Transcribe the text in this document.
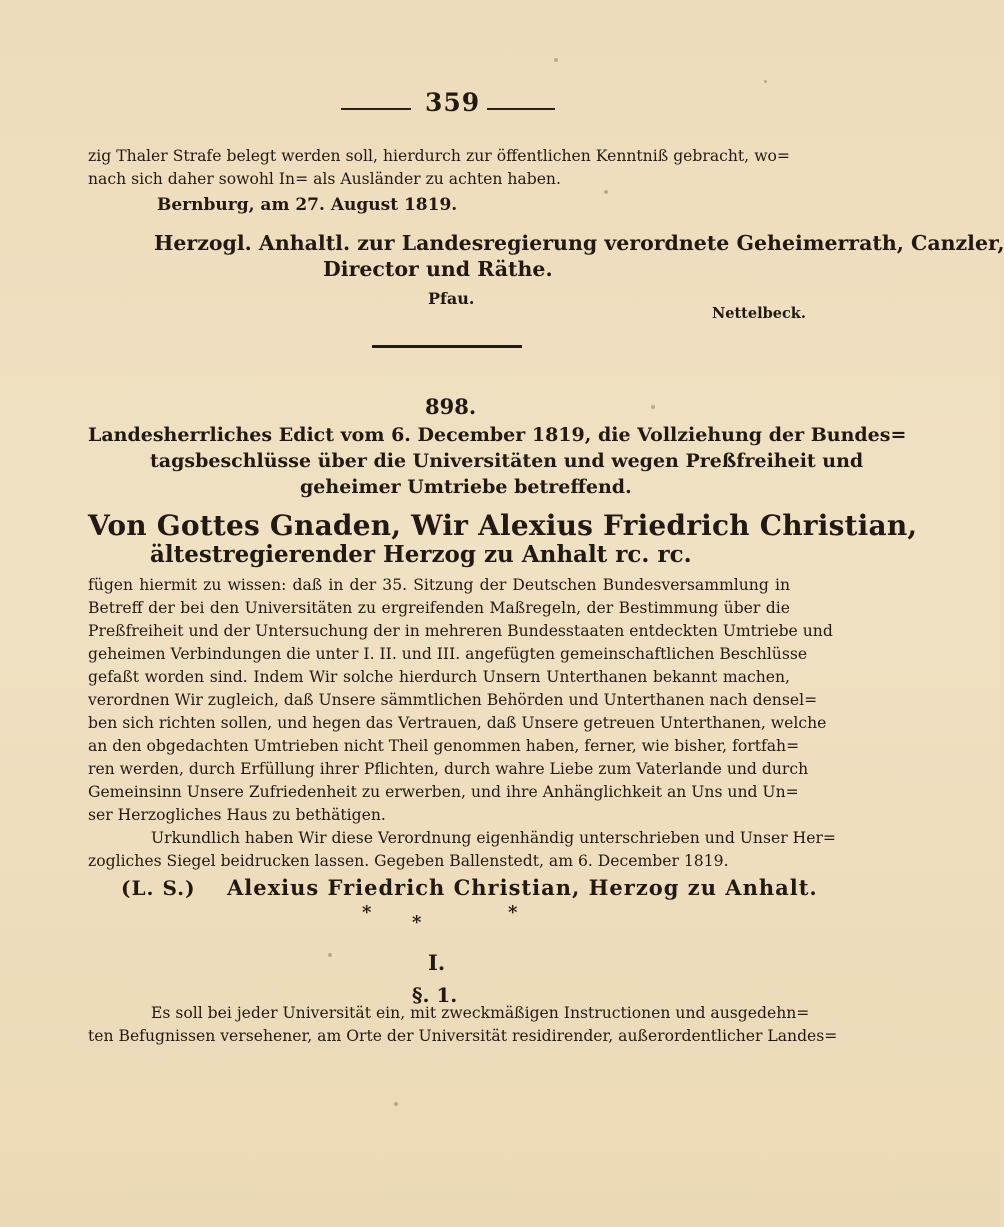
359
zig Thaler Strafe belegt werden soll, hierdurch zur öffentlichen Kenntniß gebracht, wo=
nach sich daher sowohl In= als Ausländer zu achten haben.
Bernburg, am 27. August 1819.
Herzogl. Anhaltl. zur Landesregierung verordnete Geheimerrath, Canzler,
Director und Räthe.
Pfau.
Nettelbeck.
898.
Landesherrliches Edict vom 6. December 1819, die Vollziehung der Bundes=
tagsbeschlüsse über die Universitäten und wegen Preßfreiheit und
geheimer Umtriebe betreffend.
Von Gottes Gnaden, Wir Alexius Friedrich Christian,
ältestregierender Herzog zu Anhalt rc. rc.
fügen hiermit zu wissen: daß in der 35. Sitzung der Deutschen Bundesversammlung in
Betreff der bei den Universitäten zu ergreifenden Maßregeln, der Bestimmung über die
Preßfreiheit und der Untersuchung der in mehreren Bundesstaaten entdeckten Umtriebe und
geheimen Verbindungen die unter I. II. und III. angefügten gemeinschaftlichen Beschlüsse
gefaßt worden sind. Indem Wir solche hierdurch Unsern Unterthanen bekannt machen,
verordnen Wir zugleich, daß Unsere sämmtlichen Behörden und Unterthanen nach densel=
ben sich richten sollen, und hegen das Vertrauen, daß Unsere getreuen Unterthanen, welche
an den obgedachten Umtrieben nicht Theil genommen haben, ferner, wie bisher, fortfah=
ren werden, durch Erfüllung ihrer Pflichten, durch wahre Liebe zum Vaterlande und durch
Gemeinsinn Unsere Zufriedenheit zu erwerben, und ihre Anhänglichkeit an Uns und Un=
ser Herzogliches Haus zu bethätigen.
Urkundlich haben Wir diese Verordnung eigenhändig unterschrieben und Unser Her=
zogliches Siegel beidrucken lassen. Gegeben Ballenstedt, am 6. December 1819.
(L. S.) Alexius Friedrich Christian, Herzog zu Anhalt.
* *	*
I.
§. 1.
Es soll bei jeder Universität ein, mit zweckmäßigen Instructionen und ausgedehn=
ten Befugnissen versehener, am Orte der Universität residirender, außerordentlicher Landes=
